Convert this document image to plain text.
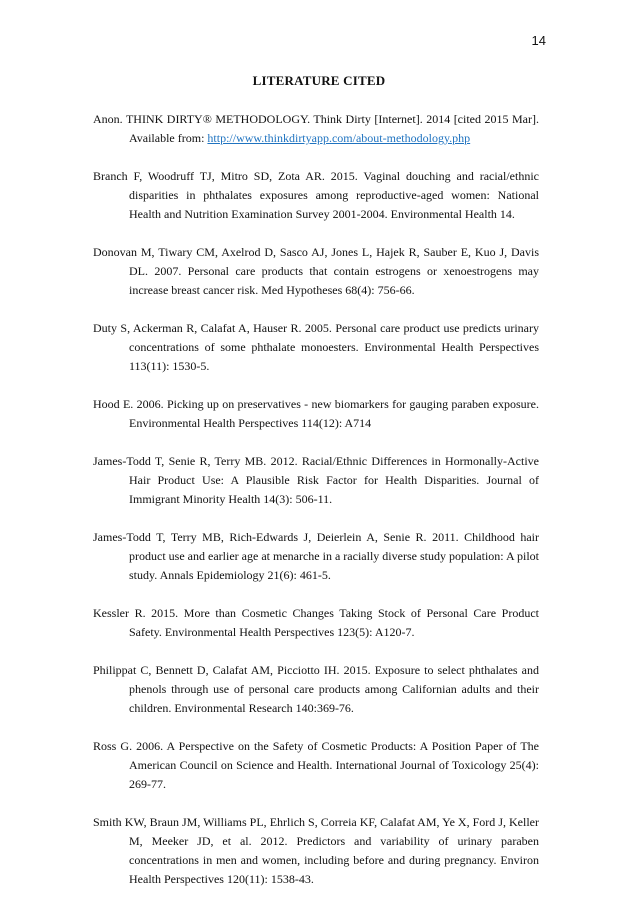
14
LITERATURE CITED
Anon. THINK DIRTY® METHODOLOGY. Think Dirty [Internet]. 2014 [cited 2015 Mar]. Available from: http://www.thinkdirtyapp.com/about-methodology.php
Branch F, Woodruff TJ, Mitro SD, Zota AR. 2015. Vaginal douching and racial/ethnic disparities in phthalates exposures among reproductive-aged women: National Health and Nutrition Examination Survey 2001-2004. Environmental Health 14.
Donovan M, Tiwary CM, Axelrod D, Sasco AJ, Jones L, Hajek R, Sauber E, Kuo J, Davis DL. 2007. Personal care products that contain estrogens or xenoestrogens may increase breast cancer risk. Med Hypotheses 68(4): 756-66.
Duty S, Ackerman R, Calafat A, Hauser R. 2005. Personal care product use predicts urinary concentrations of some phthalate monoesters. Environmental Health Perspectives 113(11): 1530-5.
Hood E. 2006. Picking up on preservatives - new biomarkers for gauging paraben exposure. Environmental Health Perspectives 114(12): A714
James-Todd T, Senie R, Terry MB. 2012. Racial/Ethnic Differences in Hormonally-Active Hair Product Use: A Plausible Risk Factor for Health Disparities. Journal of Immigrant Minority Health 14(3): 506-11.
James-Todd T, Terry MB, Rich-Edwards J, Deierlein A, Senie R. 2011. Childhood hair product use and earlier age at menarche in a racially diverse study population: A pilot study. Annals Epidemiology 21(6): 461-5.
Kessler R. 2015. More than Cosmetic Changes Taking Stock of Personal Care Product Safety. Environmental Health Perspectives 123(5): A120-7.
Philippat C, Bennett D, Calafat AM, Picciotto IH. 2015. Exposure to select phthalates and phenols through use of personal care products among Californian adults and their children. Environmental Research 140:369-76.
Ross G. 2006. A Perspective on the Safety of Cosmetic Products: A Position Paper of The American Council on Science and Health. International Journal of Toxicology 25(4): 269-77.
Smith KW, Braun JM, Williams PL, Ehrlich S, Correia KF, Calafat AM, Ye X, Ford J, Keller M, Meeker JD, et al. 2012. Predictors and variability of urinary paraben concentrations in men and women, including before and during pregnancy. Environ Health Perspectives 120(11): 1538-43.
